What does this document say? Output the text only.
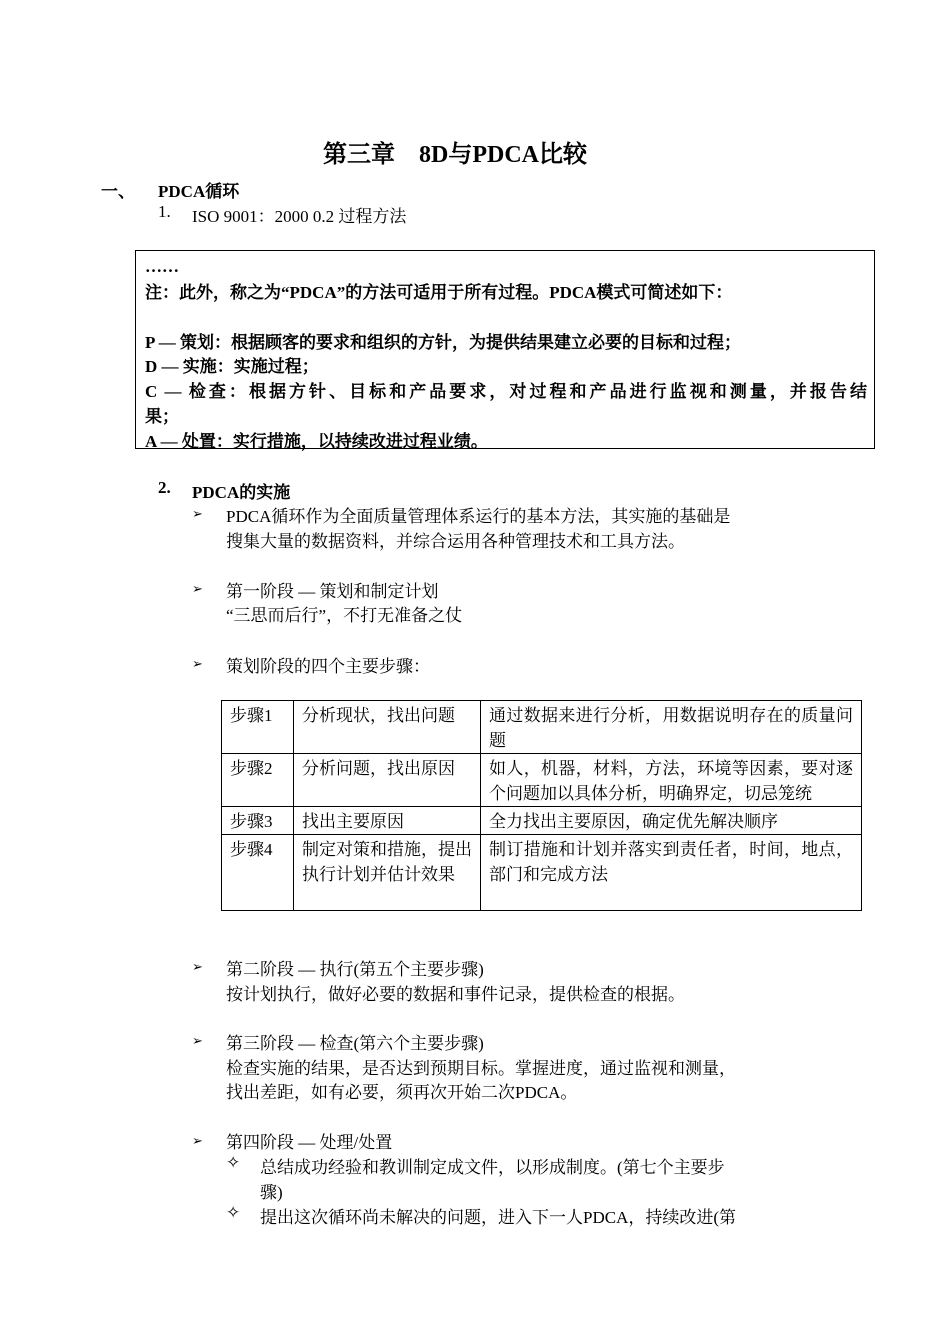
第三章　8D与PDCA比较
一、 PDCA循环
1. ISO 9001：2000 0.2 过程方法
……
注：此外，称之为“PDCA”的方法可适用于所有过程。PDCA模式可简述如下：
P — 策划：根据顾客的要求和组织的方针，为提供结果建立必要的目标和过程；
D — 实施：实施过程；
C — 检查：根据方针、目标和产品要求，对过程和产品进行监视和测量，并报告结
果；
A — 处置：实行措施，以持续改进过程业绩。
2. PDCA的实施
➢ PDCA循环作为全面质量管理体系运行的基本方法，其实施的基础是
搜集大量的数据资料，并综合运用各种管理技术和工具方法。
➢ 第一阶段 — 策划和制定计划
“三思而后行”，不打无准备之仗
➢ 策划阶段的四个主要步骤：
步骤1	分析现状，找出问题	通过数据来进行分析，用数据说明存在的质量问题
步骤2	分析问题，找出原因	如人，机器，材料，方法，环境等因素，要对逐个问题加以具体分析，明确界定，切忌笼统
步骤3	找出主要原因	全力找出主要原因，确定优先解决顺序
步骤4	制定对策和措施，提出执行计划并估计效果	制订措施和计划并落实到责任者，时间，地点，部门和完成方法
➢ 第二阶段 — 执行(第五个主要步骤)
按计划执行，做好必要的数据和事件记录，提供检查的根据。
➢ 第三阶段 — 检查(第六个主要步骤)
检查实施的结果，是否达到预期目标。掌握进度，通过监视和测量，
找出差距，如有必要，须再次开始二次PDCA。
➢ 第四阶段 — 处理/处置
✧ 总结成功经验和教训制定成文件，以形成制度。(第七个主要步
骤)
✧ 提出这次循环尚未解决的问题，进入下一人PDCA，持续改进(第
